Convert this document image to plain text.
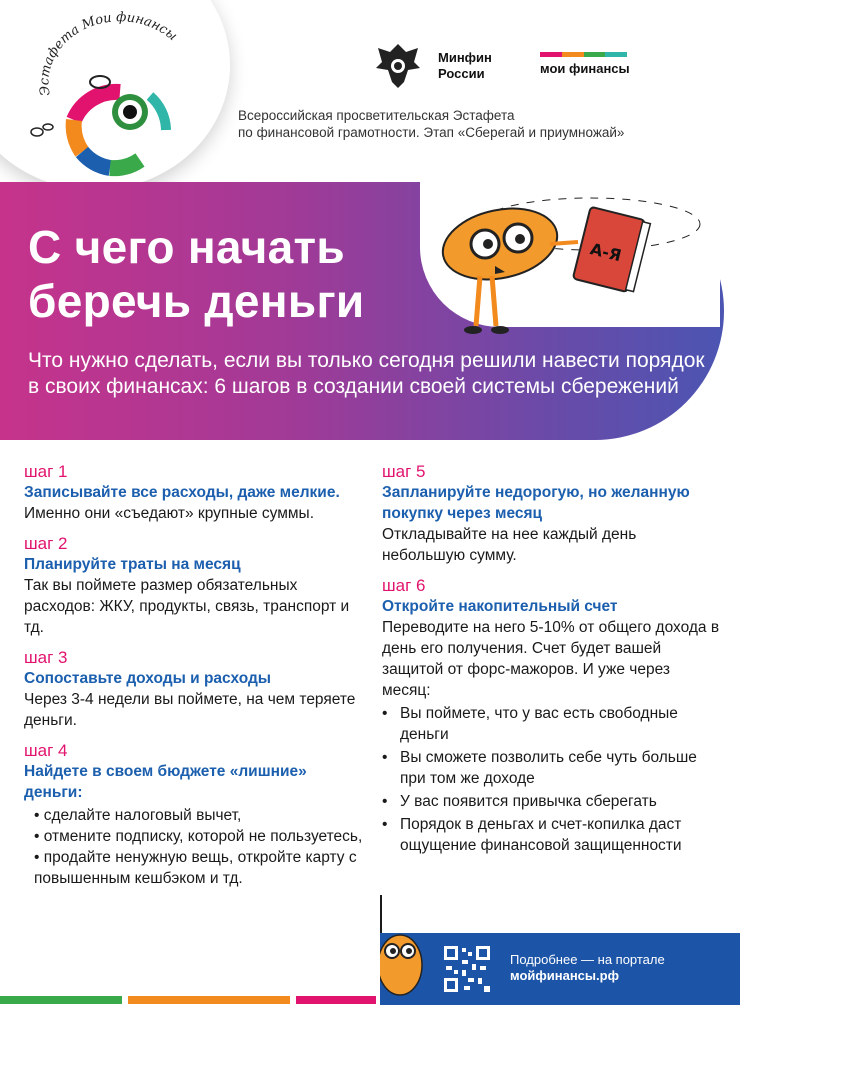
Эстафета Мои финансы
Минфин России	мои финансы
Всероссийская просветительская Эстафета
по финансовой грамотности. Этап «Сберегай и приумножай»
С чего начать
беречь деньги
Что нужно сделать, если вы только сегодня решили навести порядок в своих финансах: 6 шагов в создании своей системы сбережений
А-Я
шаг 1
Записывайте все расходы, даже мелкие. Именно они «съедают» крупные суммы.
шаг 2
Планируйте траты на месяц
Так вы поймете размер обязательных расходов: ЖКУ, продукты, связь, транспорт и тд.
шаг 3
Сопоставьте доходы и расходы
Через 3-4 недели вы поймете, на чем теряете деньги.
шаг 4
Найдете в своем бюджете «лишние» деньги:
• сделайте налоговый вычет,
• отмените подписку, которой не пользуетесь,
• продайте ненужную вещь, откройте карту с повышенным кешбэком и тд.
шаг 5
Запланируйте недорогую, но желанную покупку через месяц
Откладывайте на нее каждый день небольшую сумму.
шаг 6
Откройте накопительный счет
Переводите на него 5-10% от общего дохода в день его получения. Счет будет вашей защитой от форс-мажоров. И уже через месяц:
• Вы поймете, что у вас есть свободные деньги
• Вы сможете позволить себе чуть больше при том же доходе
• У вас появится привычка сберегать
• Порядок в деньгах и счет-копилка даст ощущение финансовой защищенности
Подробнее — на портале
мойфинансы.рф
